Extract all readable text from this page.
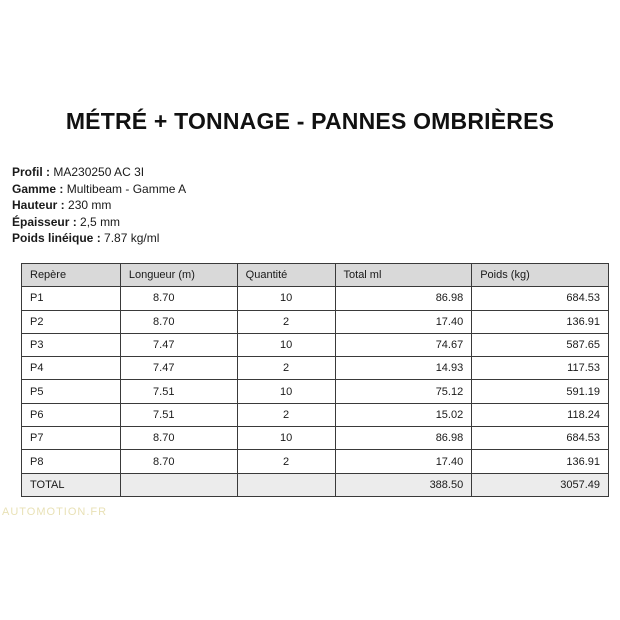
MÉTRÉ + TONNAGE - PANNES OMBRIÈRES
Profil : MA230250 AC 3I
Gamme : Multibeam - Gamme A
Hauteur : 230 mm
Épaisseur : 2,5 mm
Poids linéique : 7.87 kg/ml
Repère	Longueur (m)	Quantité	Total ml	Poids (kg)
P1	8.70	10	86.98	684.53
P2	8.70	2	17.40	136.91
P3	7.47	10	74.67	587.65
P4	7.47	2	14.93	117.53
P5	7.51	10	75.12	591.19
P6	7.51	2	15.02	118.24
P7	8.70	10	86.98	684.53
P8	8.70	2	17.40	136.91
TOTAL			388.50	3057.49
AUTOMOTION.FR
